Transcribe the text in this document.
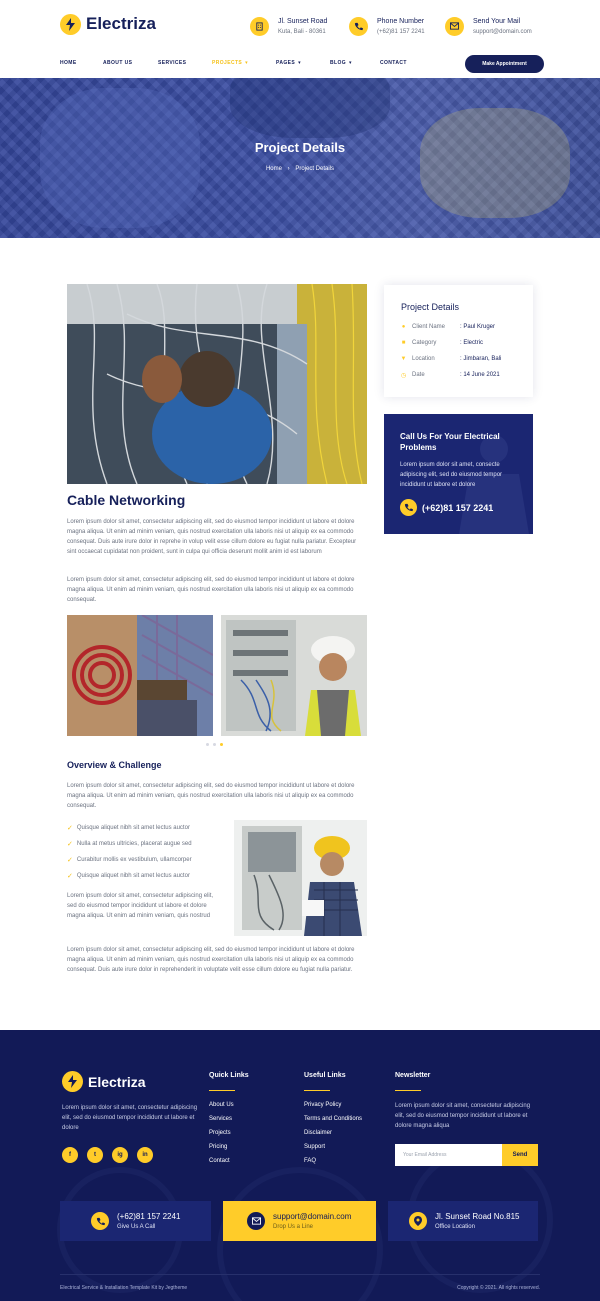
Electriza	Jl. Sunset Road
Kuta, Bali - 80361
Phone Number
(+62)81 157 2241
Send Your Mail
support@domain.com
HOME	ABOUT US	SERVICES	PROJECTS ▾	PAGES ▾	BLOG ▾	CONTACT	Make Appointment
Project Details
Home › Project Details
Cable Networking
Lorem ipsum dolor sit amet, consectetur adipiscing elit, sed do eiusmod tempor incididunt ut labore et dolore magna aliqua. Ut enim ad minim veniam, quis nostrud exercitation ulla laboris nisi ut aliquip ex ea commodo consequat. Duis aute irure dolor in reprehe in volup velit esse cillum dolore eu fugiat nulla pariatur. Excepteur sint occaecat cupidatat non proident, sunt in culpa qui officia deserunt mollit anim id est laborum
Lorem ipsum dolor sit amet, consectetur adipiscing elit, sed do eiusmod tempor incididunt ut labore et dolore magna aliqua. Ut enim ad minim veniam, quis nostrud exercitation ulla laboris nisi ut aliquip ex ea commodo consequat.
Overview & Challenge
Lorem ipsum dolor sit amet, consectetur adipiscing elit, sed do eiusmod tempor incididunt ut labore et dolore magna aliqua. Ut enim ad minim veniam, quis nostrud exercitation ulla laboris nisi ut aliquip ex ea commodo consequat.
✓ Quisque aliquet nibh sit amet lectus auctor
✓ Nulla at metus ultricies, placerat augue sed
✓ Curabitur mollis ex vestibulum, ullamcorper
✓ Quisque aliquet nibh sit amet lectus auctor
Lorem ipsum dolor sit amet, consectetur adipiscing elit, sed do eiusmod tempor incididunt ut labore et dolore magna aliqua. Ut enim ad minim veniam, quis nostrud
Lorem ipsum dolor sit amet, consectetur adipiscing elit, sed do eiusmod tempor incididunt ut labore et dolore magna aliqua. Ut enim ad minim veniam, quis nostrud exercitation ulla laboris nisi ut aliquip ex ea commodo consequat. Duis aute irure dolor in reprehenderit in voluptate velit esse cillum dolore eu fugiat nulla pariatur.
Project Details
● Client Name	: Paul Kruger
■ Category	: Electric
▼ Location	: Jimbaran, Bali
◷ Date	: 14 June 2021
Call Us For Your Electrical Problems
Lorem ipsum dolor sit amet, consecte adipiscing elit, sed do eiusmod tempor incididunt ut labore et dolore
(+62)81 157 2241
Electriza
Lorem ipsum dolor sit amet, consectetur adipiscing elit, sed do eiusmod tempor incididunt ut labore et dolore
f	t	ig	in
Quick Links
About Us
Services
Projects
Pricing
Contact
Useful Links
Privacy Policy
Terms and Conditions
Disclaimer
Support
FAQ
Newsletter
Lorem ipsum dolor sit amet, consectetur adipiscing elit, sed do eiusmod tempor incididunt ut labore et dolore magna aliqua
Your Email Address	Send
(+62)81 157 2241
Give Us A Call
support@domain.com
Drop Us a Line
Jl. Sunset Road No.815
Office Location
Electrical Service & Installation Template Kit by Jegtheme	Copyright © 2021. All rights reserved.
